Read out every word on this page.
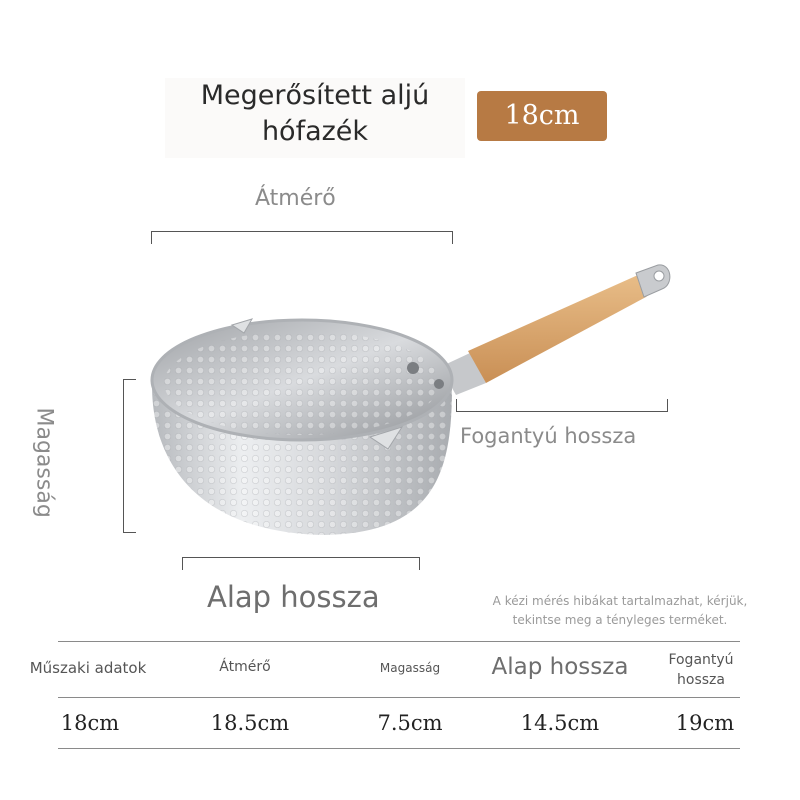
Megerősített aljú
hófazék
18cm
Átmérő
Magasság	Fogantyú hossza
Alap hossza	A kézi mérés hibákat tartalmazhat, kérjük,
tekintse meg a tényleges terméket.
Műszaki adatok	Átmérő	Magasság	Alap hossza	Fogantyú hossza
18cm	18.5cm	7.5cm	14.5cm	19cm
